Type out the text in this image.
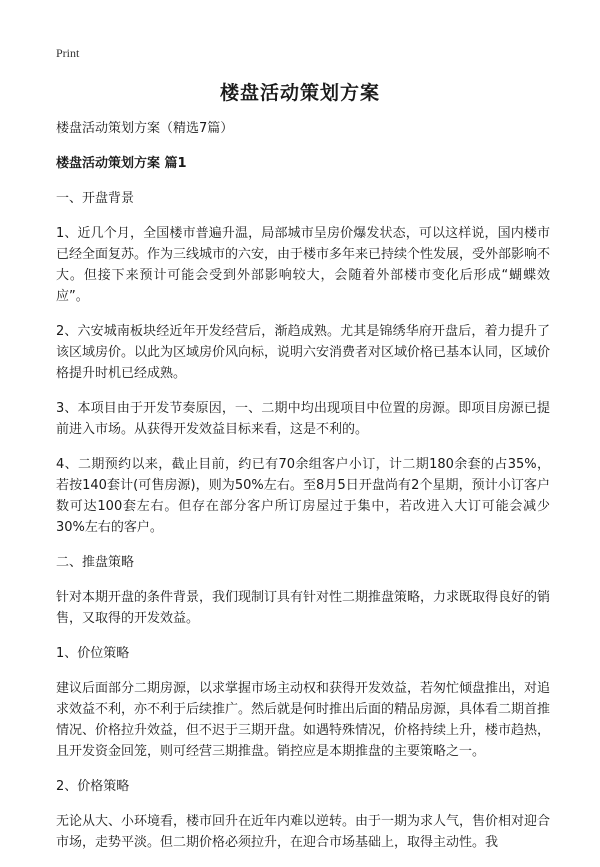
Print
楼盘活动策划方案

楼盘活动策划方案（精选7篇）

楼盘活动策划方案 篇1

一、开盘背景

1、近几个月，全国楼市普遍升温，局部城市呈房价爆发状态，可以这样说，国内楼市已经全面复苏。作为三线城市的六安，由于楼市多年来已持续个性发展，受外部影响不大。但接下来预计可能会受到外部影响较大，会随着外部楼市变化后形成“蝴蝶效应”。

2、六安城南板块经近年开发经营后，渐趋成熟。尤其是锦绣华府开盘后，着力提升了该区域房价。以此为区域房价风向标，说明六安消费者对区域价格已基本认同，区域价格提升时机已经成熟。

3、本项目由于开发节奏原因，一、二期中均出现项目中位置的房源。即项目房源已提前进入市场。从获得开发效益目标来看，这是不利的。

4、二期预约以来，截止目前，约已有70余组客户小订，计二期180余套的占35%，若按140套计(可售房源)，则为50%左右。至8月5日开盘尚有2个星期，预计小订客户数可达100套左右。但存在部分客户所订房屋过于集中，若改进入大订可能会减少30%左右的客户。

二、推盘策略

针对本期开盘的条件背景，我们现制订具有针对性二期推盘策略，力求既取得良好的销售，又取得的开发效益。

1、价位策略

建议后面部分二期房源，以求掌握市场主动权和获得开发效益，若匆忙倾盘推出，对追求效益不利，亦不利于后续推广。然后就是何时推出后面的精品房源，具体看二期首推情况、价格拉升效益，但不迟于三期开盘。如遇特殊情况，价格持续上升，楼市趋热，且开发资金回笼，则可经营三期推盘。销控应是本期推盘的主要策略之一。

2、价格策略

无论从大、小环境看，楼市回升在近年内难以逆转。由于一期为求人气，售价相对迎合市场，走势平淡。但二期价格必须拉升，在迎合市场基础上，取得主动性。我
